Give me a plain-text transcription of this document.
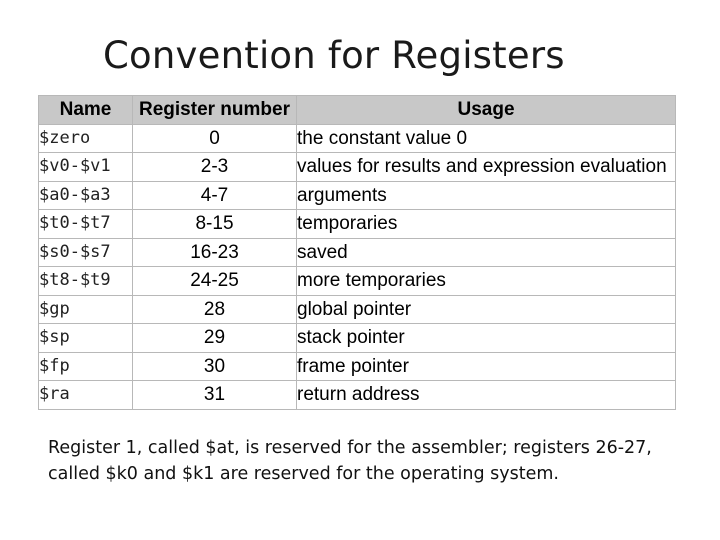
Convention for Registers
Name	Register number	Usage
$zero	0	the constant value 0
$v0-$v1	2-3	values for results and expression evaluation
$a0-$a3	4-7	arguments
$t0-$t7	8-15	temporaries
$s0-$s7	16-23	saved
$t8-$t9	24-25	more temporaries
$gp	28	global pointer
$sp	29	stack pointer
$fp	30	frame pointer
$ra	31	return address
Register 1, called $at, is reserved for the assembler; registers 26-27, called $k0 and $k1 are reserved for the operating system.
